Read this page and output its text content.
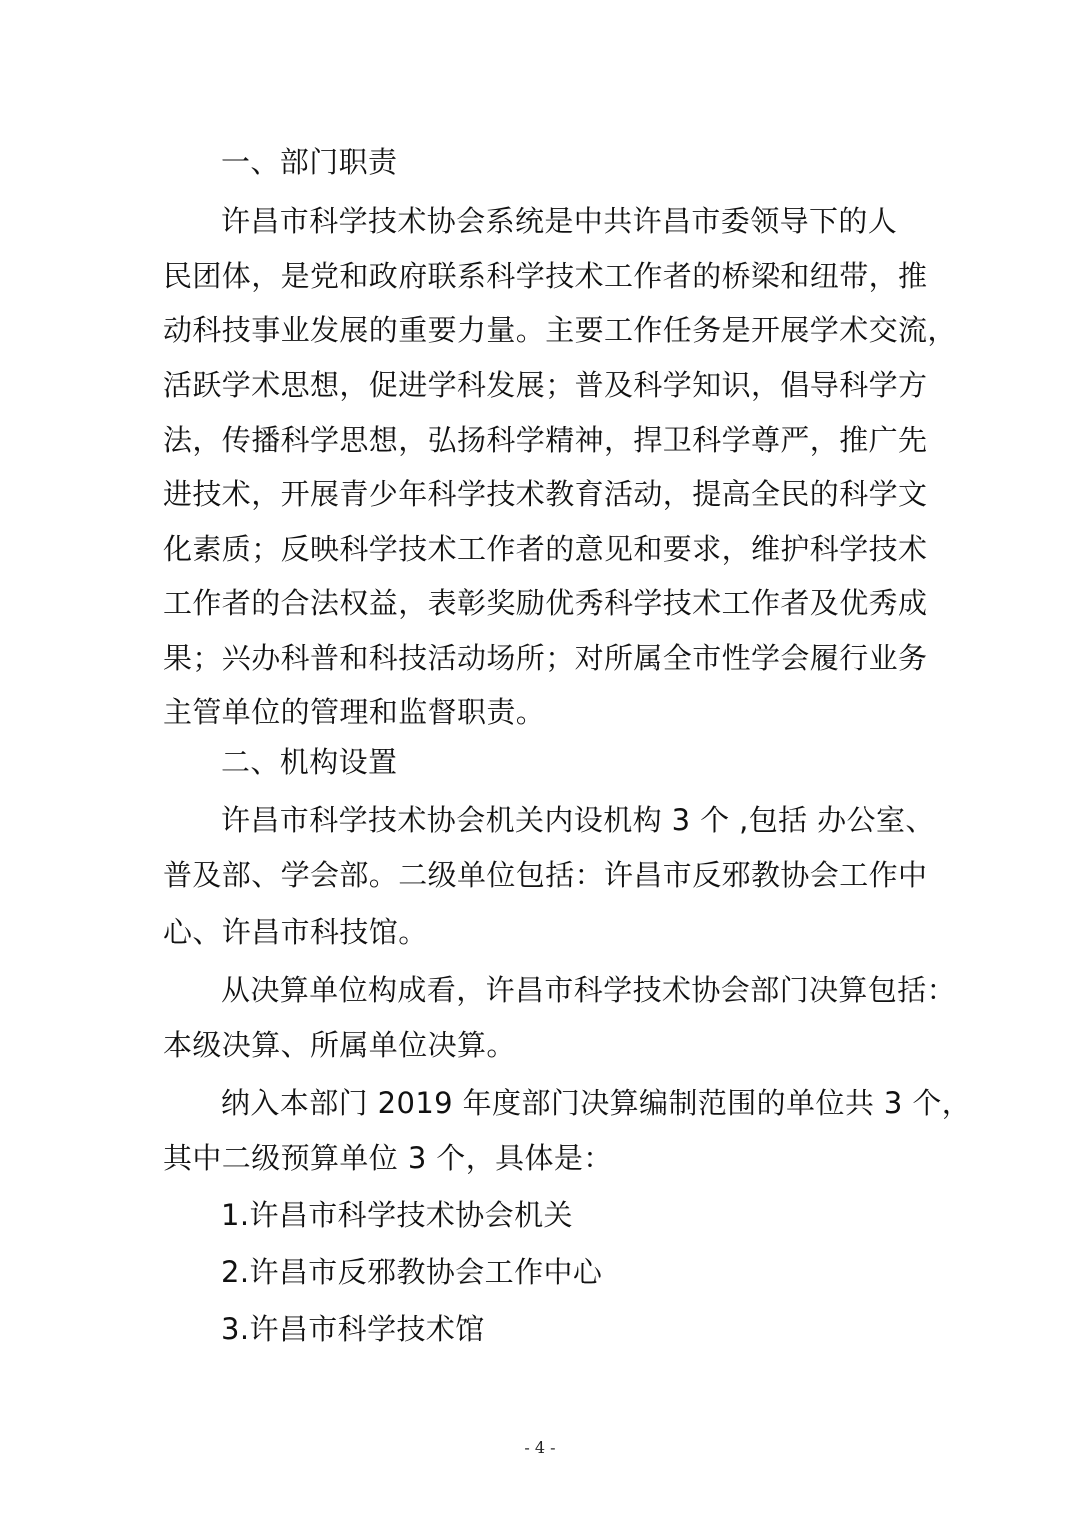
一、部门职责
许昌市科学技术协会系统是中共许昌市委领导下的人
民团体，是党和政府联系科学技术工作者的桥梁和纽带，推
动科技事业发展的重要力量。主要工作任务是开展学术交流，
活跃学术思想，促进学科发展；普及科学知识，倡导科学方
法，传播科学思想，弘扬科学精神，捍卫科学尊严，推广先
进技术，开展青少年科学技术教育活动，提高全民的科学文
化素质；反映科学技术工作者的意见和要求，维护科学技术
工作者的合法权益，表彰奖励优秀科学技术工作者及优秀成
果；兴办科普和科技活动场所；对所属全市性学会履行业务
主管单位的管理和监督职责。
二、机构设置
许昌市科学技术协会机关内设机构 3 个 ,包括 办公室、
普及部、学会部。二级单位包括：许昌市反邪教协会工作中
心、许昌市科技馆。
从决算单位构成看，许昌市科学技术协会部门决算包括：
本级决算、所属单位决算。
纳入本部门 2019 年度部门决算编制范围的单位共 3 个，
其中二级预算单位 3 个，具体是：
1.许昌市科学技术协会机关
2.许昌市反邪教协会工作中心
3.许昌市科学技术馆
- 4 -
